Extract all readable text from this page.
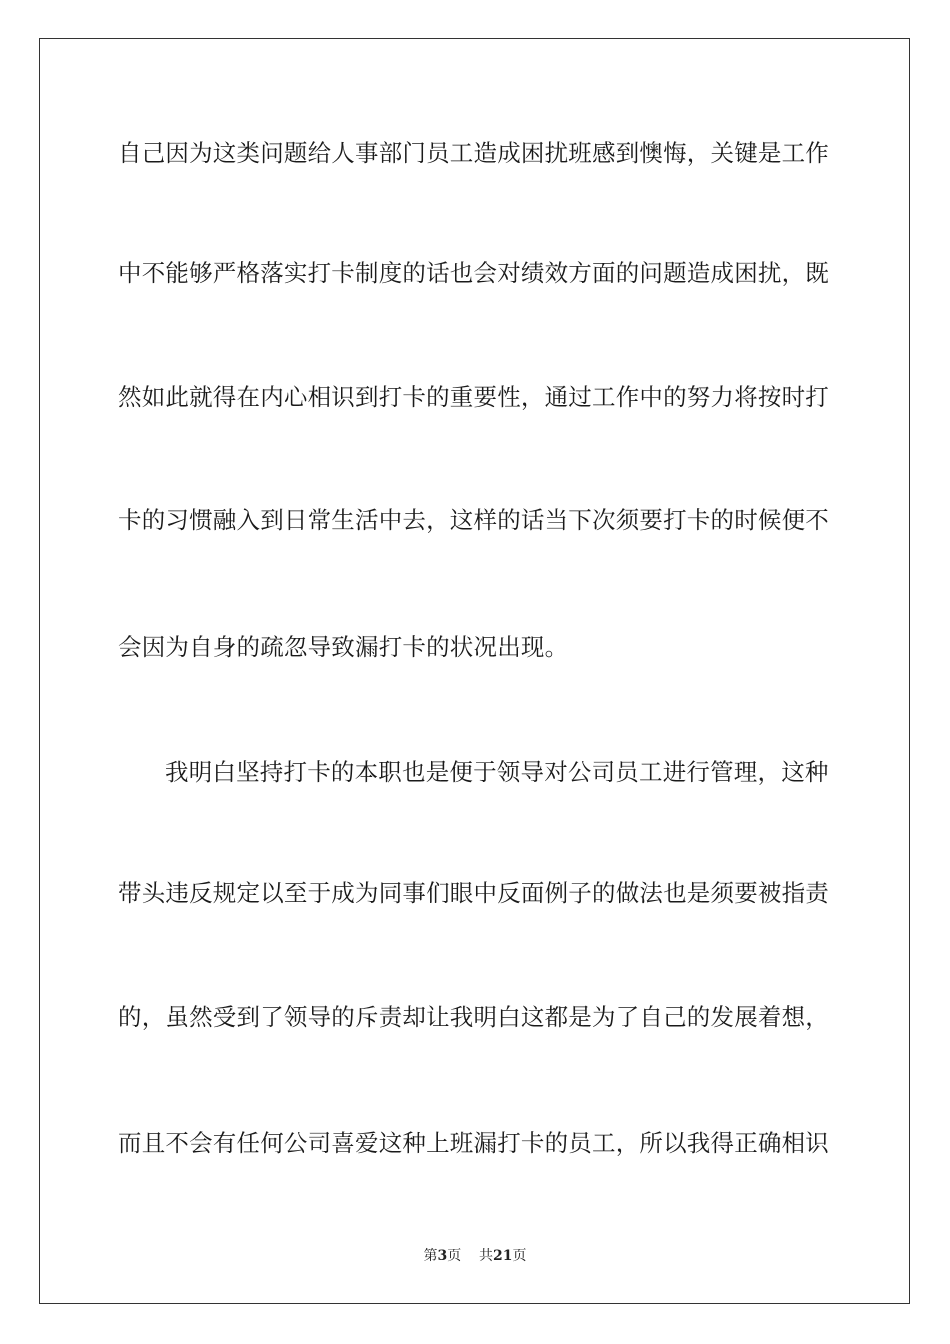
自己因为这类问题给人事部门员工造成困扰班感到懊悔，关键是工作
中不能够严格落实打卡制度的话也会对绩效方面的问题造成困扰，既
然如此就得在内心相识到打卡的重要性，通过工作中的努力将按时打
卡的习惯融入到日常生活中去，这样的话当下次须要打卡的时候便不
会因为自身的疏忽导致漏打卡的状况出现。
我明白坚持打卡的本职也是便于领导对公司员工进行管理，这种
带头违反规定以至于成为同事们眼中反面例子的做法也是须要被指责
的，虽然受到了领导的斥责却让我明白这都是为了自己的发展着想，
而且不会有任何公司喜爱这种上班漏打卡的员工，所以我得正确相识
第3页 共21页
